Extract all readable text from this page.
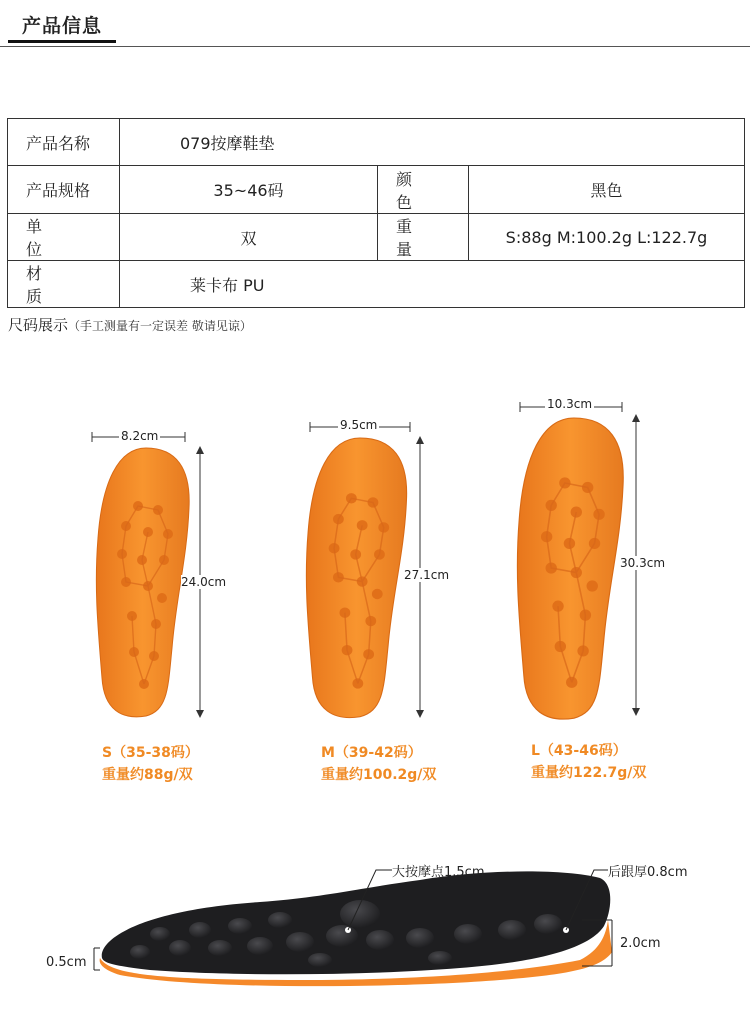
产品信息
产品名称	079按摩鞋垫		
产品规格	35~46码	颜 色	黑色
单 位	双	重 量	S:88g M:100.2g L:122.7g
材 质	莱卡布 PU		
尺码展示（手工测量有一定误差 敬请见谅）
8.2cm
24.0cm
9.5cm
27.1cm
10.3cm
30.3cm
S（35-38码）
重量约88g/双
M（39-42码）
重量约100.2g/双
L（43-46码）
重量约122.7g/双
大按摩点1.5cm	后跟厚0.8cm
2.0cm
0.5cm
